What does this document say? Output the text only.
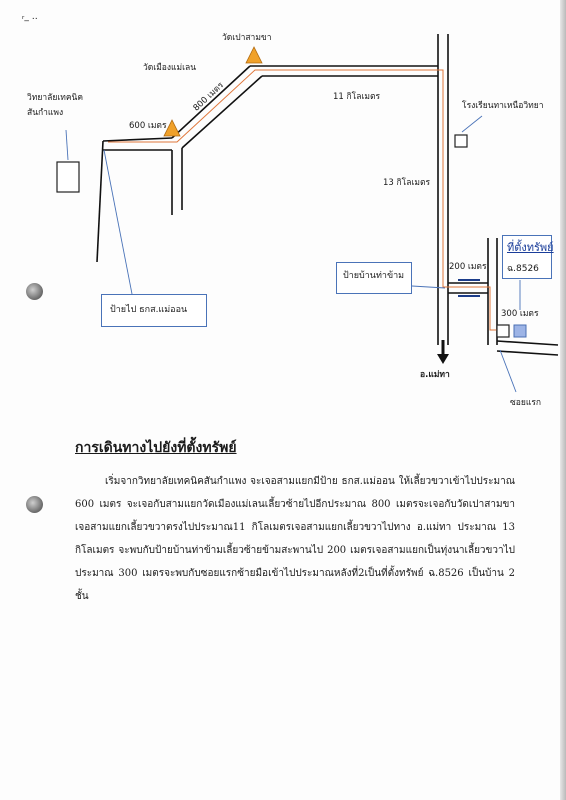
ᵣ_ ‥
วิทยาลัยเทคนิค
สันกำแพง
วัดเมืองแม่เลน
วัดเปาสามขา
600 เมตร
800 เมตร	11 กิโลเมตร
13 กิโลเมตร
โรงเรียนทาเหนือวิทยา
ป้ายบ้านท่าข้าม
200 เมตร
ที่ตั้งทรัพย์
ฉ.8526
300 เมตร
ป้ายไป ธกส.แม่ออน
อ.แม่ทา
ซอยแรก
การเดินทางไปยังที่ตั้งทรัพย์
เริ่มจากวิทยาลัยเทคนิคสันกำแพง จะเจอสามแยกมีป้าย ธกส.แม่ออน ให้เลี้ยวขวาเข้าไปประมาณ 600 เมตร จะเจอกับสามแยกวัดเมืองแม่เลนเลี้ยวซ้ายไปอีกประมาณ 800 เมตรจะเจอกับวัดเปาสามขาเจอสามแยกเลี้ยวขวาตรงไปประมาณ11 กิโลเมตรเจอสามแยกเลี้ยวขวาไปทาง อ.แม่ทา ประมาณ 13 กิโลเมตร จะพบกับป้ายบ้านท่าข้ามเลี้ยวซ้ายข้ามสะพานไป 200 เมตรเจอสามแยกเป็นทุ่งนาเลี้ยวขวาไปประมาณ 300 เมตรจะพบกับซอยแรกซ้ายมือเข้าไปประมาณหลังที่2เป็นที่ตั้งทรัพย์ ฉ.8526 เป็นบ้าน 2 ชั้น
